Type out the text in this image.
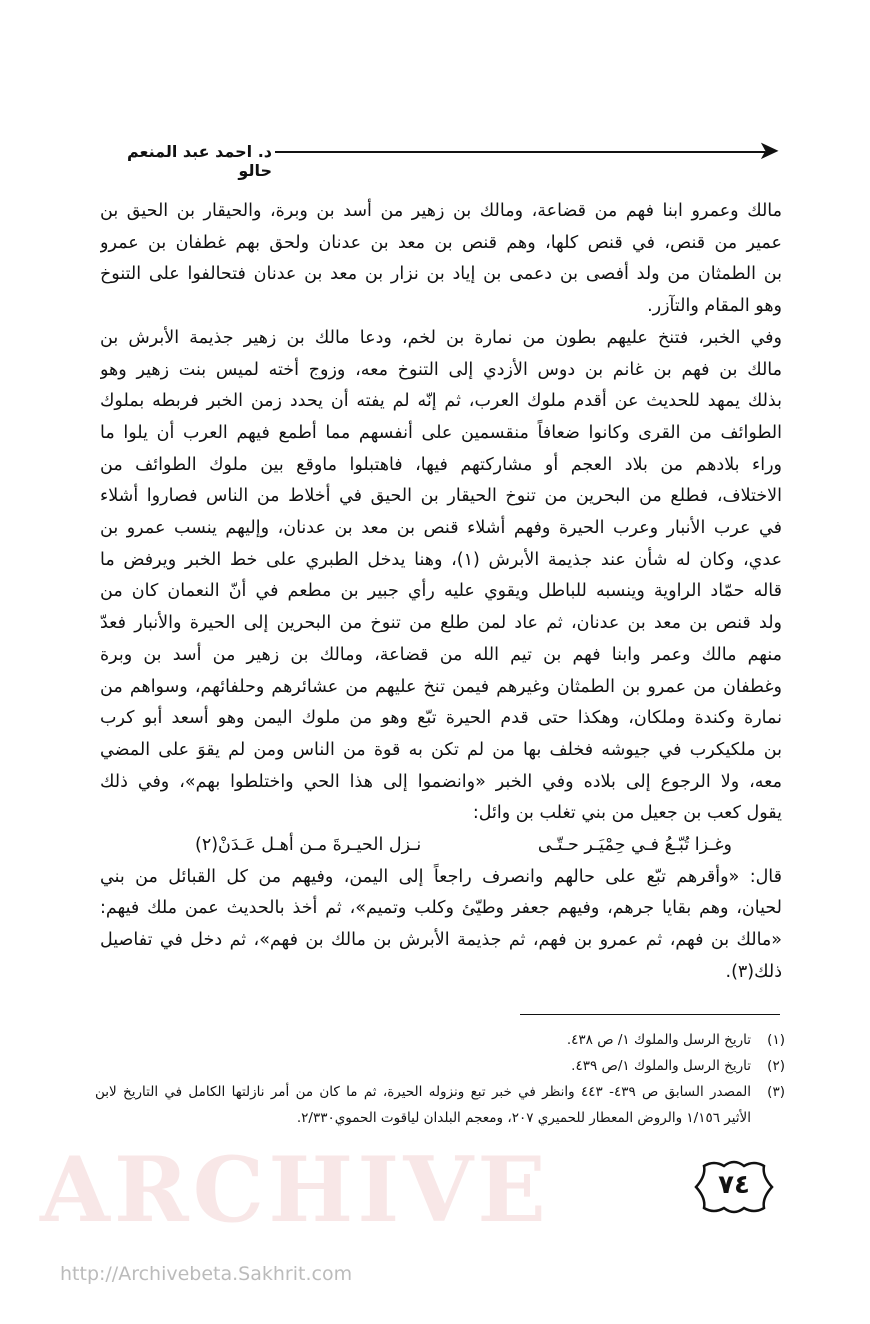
➤
د. احمد عبد المنعم حالو
ARCHIVE
http://Archivebeta.Sakhrit.com
مالك وعمرو ابنا فهم من قضاعة، ومالك بن زهير من أسد بن وبرة، والحيقار بن الحيق بن
عمير من قنص، في قنص كلها، وهم قنص بن معد بن عدنان ولحق بهم غطفان بن عمرو
بن الطمثان من ولد أفصى بن دعمى بن إياد بن نزار بن معد بن عدنان فتحالفوا على التنوخ
وهو المقام والتآزر.
وفي الخبر، فتنخ عليهم بطون من نمارة بن لخم، ودعا مالك بن زهير جذيمة الأبرش بن
مالك بن فهم بن غانم بن دوس الأزدي إلى التنوخ معه، وزوج أخته لميس بنت زهير وهو
بذلك يمهد للحديث عن أقدم ملوك العرب، ثم إنّه لم يفته أن يحدد زمن الخبر فربطه بملوك
الطوائف من القرى وكانوا ضعافاً منقسمين على أنفسهم مما أطمع فيهم العرب أن يلوا ما
وراء بلادهم من بلاد العجم أو مشاركتهم فيها، فاهتبلوا ماوقع بين ملوك الطوائف من
الاختلاف، فطلع من البحرين من تنوخ الحيقار بن الحيق في أخلاط من الناس فصاروا أشلاء
في عرب الأنبار وعرب الحيرة وفهم أشلاء قنص بن معد بن عدنان، وإليهم ينسب عمرو بن
عدي، وكان له شأن عند جذيمة الأبرش (١)، وهنا يدخل الطبري على خط الخبر ويرفض ما
قاله حمّاد الراوية وينسبه للباطل ويقوي عليه رأي جبير بن مطعم في أنّ النعمان كان من
ولد قنص بن معد بن عدنان، ثم عاد لمن طلع من تنوخ من البحرين إلى الحيرة والأنبار فعدّ
منهم مالك وعمر وابنا فهم بن تيم الله من قضاعة، ومالك بن زهير من أسد بن وبرة
وغطفان من عمرو بن الطمثان وغيرهم فيمن تنخ عليهم من عشائرهم وحلفائهم، وسواهم من
نمارة وكندة وملكان، وهكذا حتى قدم الحيرة تبّع وهو من ملوك اليمن وهو أسعد أبو كرب
بن ملكيكرب في جيوشه فخلف بها من لم تكن به قوة من الناس ومن لم يقوَ على المضي
معه، ولا الرجوع إلى بلاده وفي الخبر «وانضموا إلى هذا الحي واختلطوا بهم»، وفي ذلك
يقول كعب بن جعيل من بني تغلب بن وائل:
وغـزا تُبّـعُ فـي حِمْيَـر حـتّـى
نـزل الحيـرةَ مـن أهـل عَـدَنْ(٢)
قال: «وأقرهم تبّع على حالهم وانصرف راجعاً إلى اليمن، وفيهم من كل القبائل من بني
لحيان، وهم بقايا جرهم، وفيهم جعفر وطيّئ وكلب وتميم»، ثم أخذ بالحديث عمن ملك فيهم:
«مالك بن فهم، ثم عمرو بن فهم، ثم جذيمة الأبرش بن مالك بن فهم»، ثم دخل في تفاصيل
ذلك(٣).
(١)
تاريخ الرسل والملوك ١/ ص ٤٣٨.
(٢)
تاريخ الرسل والملوك ١/ص ٤٣٩.
(٣)
المصدر السابق ص ٤٣٩- ٤٤٣ وانظر في خبر تبع ونزوله الحيرة، ثم ما كان من أمر نازلتها الكامل في التاريخ لابن
الأثير ١/١٥٦ والروض المعطار للحميري ٢٠٧، ومعجم البلدان لياقوت الحموي٢/٣٣٠.
٧٤
